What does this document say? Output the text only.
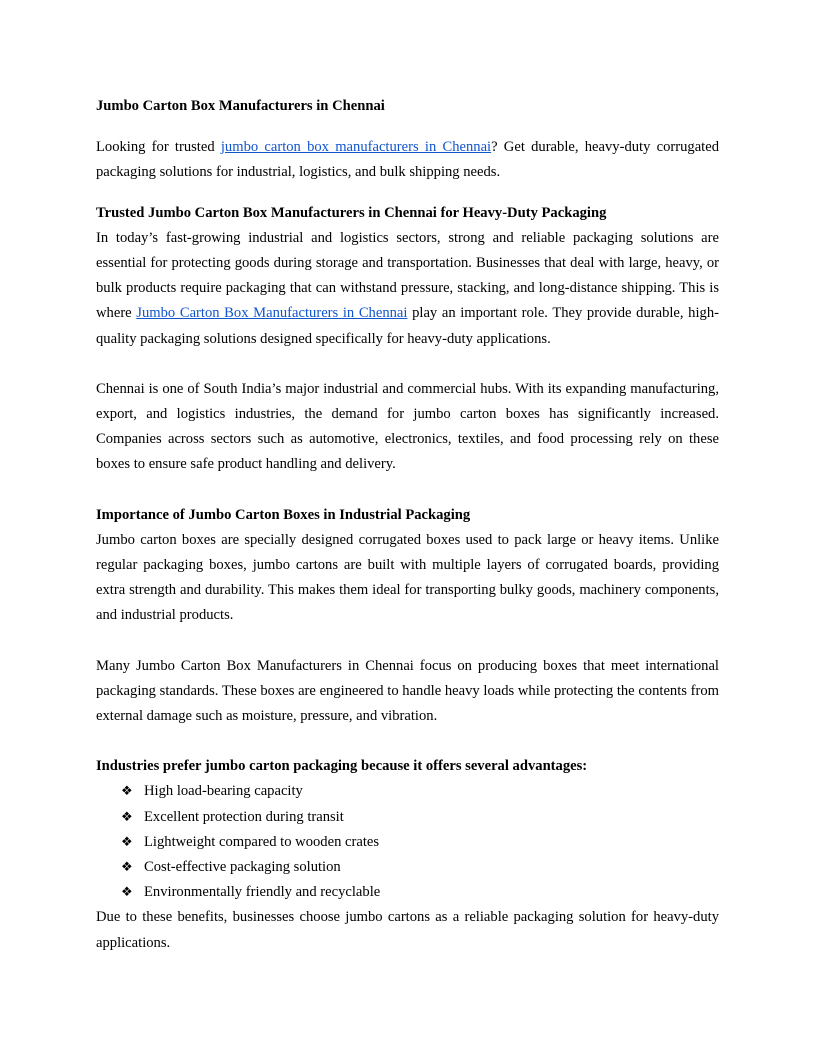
Jumbo Carton Box Manufacturers in Chennai

Looking for trusted jumbo carton box manufacturers in Chennai? Get durable, heavy-duty corrugated packaging solutions for industrial, logistics, and bulk shipping needs.

Trusted Jumbo Carton Box Manufacturers in Chennai for Heavy-Duty Packaging

In today’s fast-growing industrial and logistics sectors, strong and reliable packaging solutions are essential for protecting goods during storage and transportation. Businesses that deal with large, heavy, or bulk products require packaging that can withstand pressure, stacking, and long-distance shipping. This is where Jumbo Carton Box Manufacturers in Chennai play an important role. They provide durable, high-quality packaging solutions designed specifically for heavy-duty applications.

Chennai is one of South India’s major industrial and commercial hubs. With its expanding manufacturing, export, and logistics industries, the demand for jumbo carton boxes has significantly increased. Companies across sectors such as automotive, electronics, textiles, and food processing rely on these boxes to ensure safe product handling and delivery.

Importance of Jumbo Carton Boxes in Industrial Packaging

Jumbo carton boxes are specially designed corrugated boxes used to pack large or heavy items. Unlike regular packaging boxes, jumbo cartons are built with multiple layers of corrugated boards, providing extra strength and durability. This makes them ideal for transporting bulky goods, machinery components, and industrial products.

Many Jumbo Carton Box Manufacturers in Chennai focus on producing boxes that meet international packaging standards. These boxes are engineered to handle heavy loads while protecting the contents from external damage such as moisture, pressure, and vibration.

Industries prefer jumbo carton packaging because it offers several advantages:

❖ High load-bearing capacity
❖ Excellent protection during transit
❖ Lightweight compared to wooden crates
❖ Cost-effective packaging solution
❖ Environmentally friendly and recyclable

Due to these benefits, businesses choose jumbo cartons as a reliable packaging solution for heavy-duty applications.
